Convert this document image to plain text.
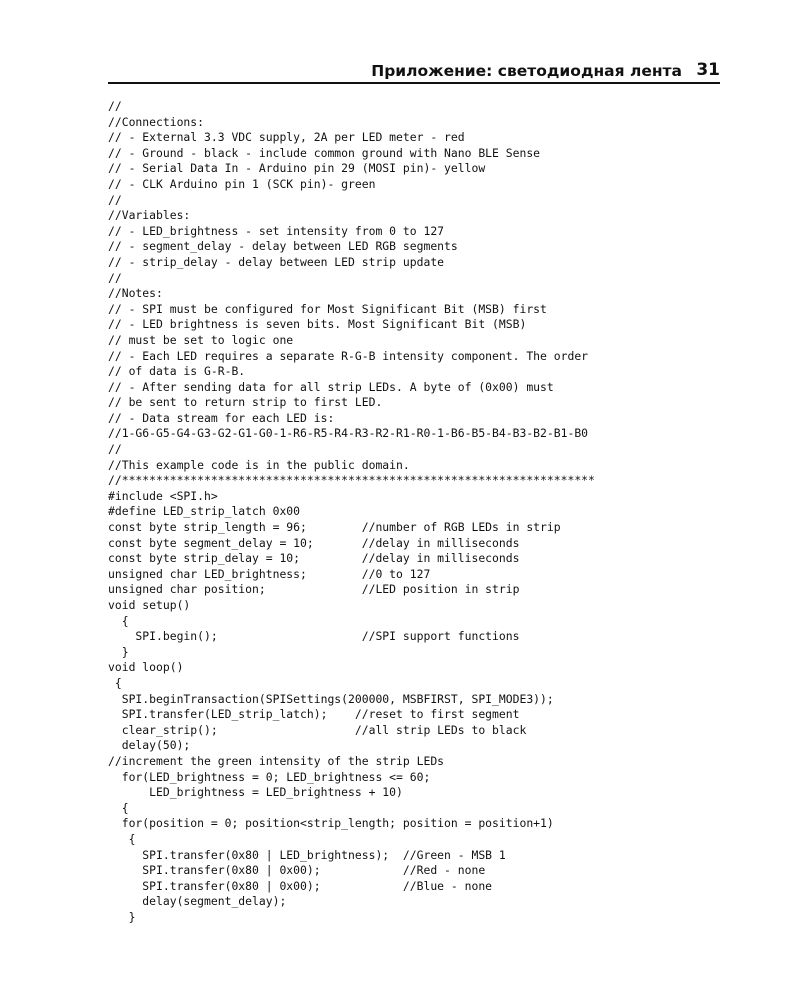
Приложение: светодиодная лента 31
//
//Connections:
// - External 3.3 VDC supply, 2A per LED meter - red
// - Ground - black - include common ground with Nano BLE Sense
// - Serial Data In - Arduino pin 29 (MOSI pin)- yellow
// - CLK Arduino pin 1 (SCK pin)- green
//
//Variables:
// - LED_brightness - set intensity from 0 to 127
// - segment_delay - delay between LED RGB segments
// - strip_delay - delay between LED strip update
//
//Notes:
// - SPI must be configured for Most Significant Bit (MSB) first
// - LED brightness is seven bits. Most Significant Bit (MSB)
// must be set to logic one
// - Each LED requires a separate R-G-B intensity component. The order
// of data is G-R-B.
// - After sending data for all strip LEDs. A byte of (0x00) must
// be sent to return strip to first LED.
// - Data stream for each LED is:
//1-G6-G5-G4-G3-G2-G1-G0-1-R6-R5-R4-R3-R2-R1-R0-1-B6-B5-B4-B3-B2-B1-B0
//
//This example code is in the public domain.
//*********************************************************************
#include <SPI.h>
#define LED_strip_latch 0x00
const byte strip_length = 96;        //number of RGB LEDs in strip
const byte segment_delay = 10;       //delay in milliseconds
const byte strip_delay = 10;         //delay in milliseconds
unsigned char LED_brightness;        //0 to 127
unsigned char position;              //LED position in strip
void setup()
{
SPI.begin();                     //SPI support functions
}
void loop()
{
SPI.beginTransaction(SPISettings(200000, MSBFIRST, SPI_MODE3));
SPI.transfer(LED_strip_latch);    //reset to first segment
clear_strip();                    //all strip LEDs to black
delay(50);
//increment the green intensity of the strip LEDs
for(LED_brightness = 0; LED_brightness <= 60;
LED_brightness = LED_brightness + 10)
{
for(position = 0; position<strip_length; position = position+1)
{
SPI.transfer(0x80 | LED_brightness);  //Green - MSB 1
SPI.transfer(0x80 | 0x00);            //Red - none
SPI.transfer(0x80 | 0x00);            //Blue - none
delay(segment_delay);
}
